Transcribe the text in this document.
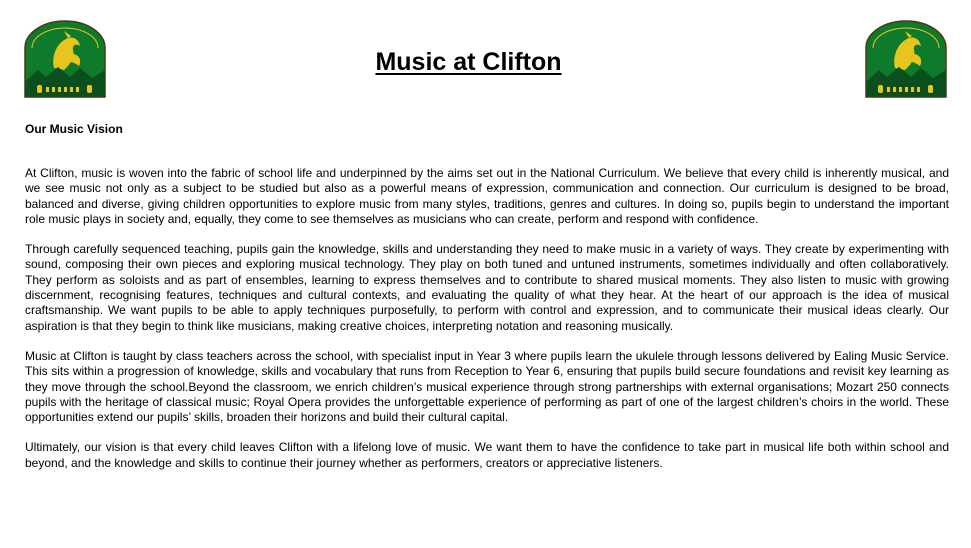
Music at Clifton
Our Music Vision

At Clifton, music is woven into the fabric of school life and underpinned by the aims set out in the National Curriculum. We believe that every child is inherently musical, and we see music not only as a subject to be studied but also as a powerful means of expression, communication and connection. Our curriculum is designed to be broad, balanced and diverse, giving children opportunities to explore music from many styles, traditions, genres and cultures. In doing so, pupils begin to understand the important role music plays in society and, equally, they come to see themselves as musicians who can create, perform and respond with confidence.

Through carefully sequenced teaching, pupils gain the knowledge, skills and understanding they need to make music in a variety of ways. They create by experimenting with sound, composing their own pieces and exploring musical technology. They play on both tuned and untuned instruments, sometimes individually and often collaboratively. They perform as soloists and as part of ensembles, learning to express themselves and to contribute to shared musical moments. They also listen to music with growing discernment, recognising features, techniques and cultural contexts, and evaluating the quality of what they hear. At the heart of our approach is the idea of musical craftsmanship. We want pupils to be able to apply techniques purposefully, to perform with control and expression, and to communicate their musical ideas clearly. Our aspiration is that they begin to think like musicians, making creative choices, interpreting notation and reasoning musically.

Music at Clifton is taught by class teachers across the school, with specialist input in Year 3 where pupils learn the ukulele through lessons delivered by Ealing Music Service. This sits within a progression of knowledge, skills and vocabulary that runs from Reception to Year 6, ensuring that pupils build secure foundations and revisit key learning as they move through the school.Beyond the classroom, we enrich children’s musical experience through strong partnerships with external organisations; Mozart 250 connects pupils with the heritage of classical music; Royal Opera provides the unforgettable experience of performing as part of one of the largest children’s choirs in the world. These opportunities extend our pupils’ skills, broaden their horizons and build their cultural capital.

Ultimately, our vision is that every child leaves Clifton with a lifelong love of music. We want them to have the confidence to take part in musical life both within school and beyond, and the knowledge and skills to continue their journey whether as performers, creators or appreciative listeners.
